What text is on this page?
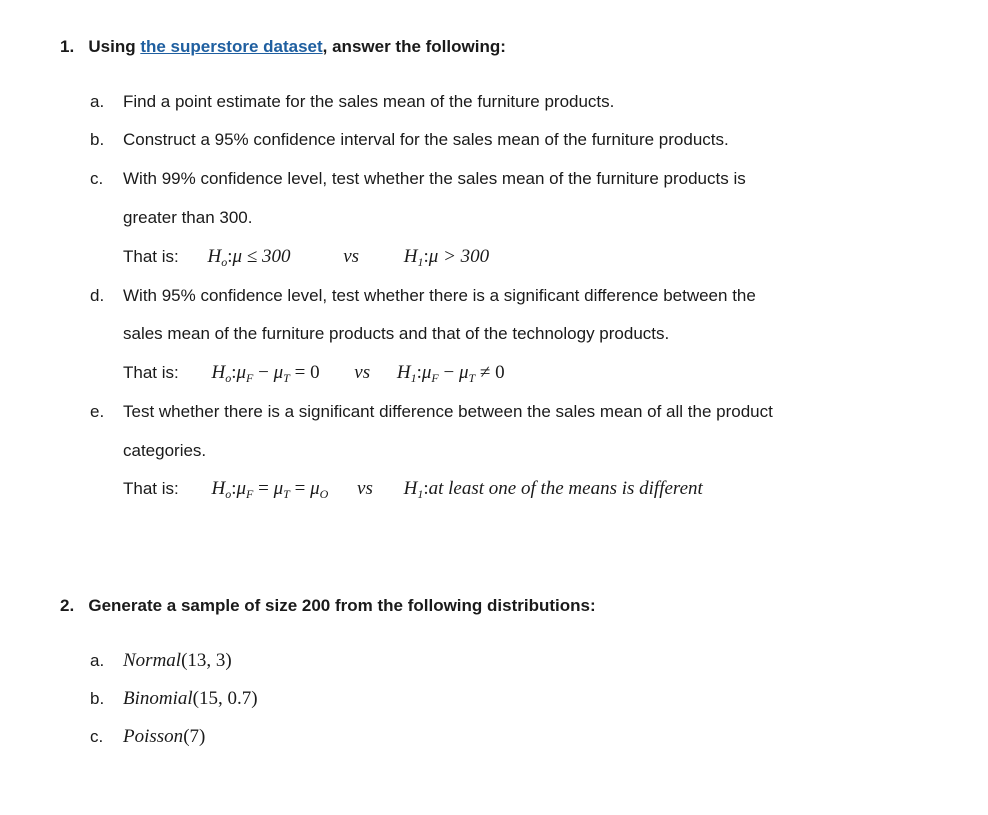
1. Using the superstore dataset, answer the following:
a. Find a point estimate for the sales mean of the furniture products.
b. Construct a 95% confidence interval for the sales mean of the furniture products.
c. With 99% confidence level, test whether the sales mean of the furniture products is
greater than 300.
That is: $H_o:\mu \le 300$	vs $H_1:\mu > 300$
d. With 95% confidence level, test whether there is a significant difference between the
sales mean of the furniture products and that of the technology products.
That is: $H_o:\mu_F - \mu_T = 0$ vs $H_1:\mu_F - \mu_T \ne 0$
e. Test whether there is a significant difference between the sales mean of all the product
categories.
That is: $H_o:\mu_F = \mu_T = \mu_O$ vs $H_1:at$ least one of the means is different
2. Generate a sample of size 200 from the following distributions:
a. Normal(13, 3)
b. Binomial(15, 0.7)
c. Poisson(7)
